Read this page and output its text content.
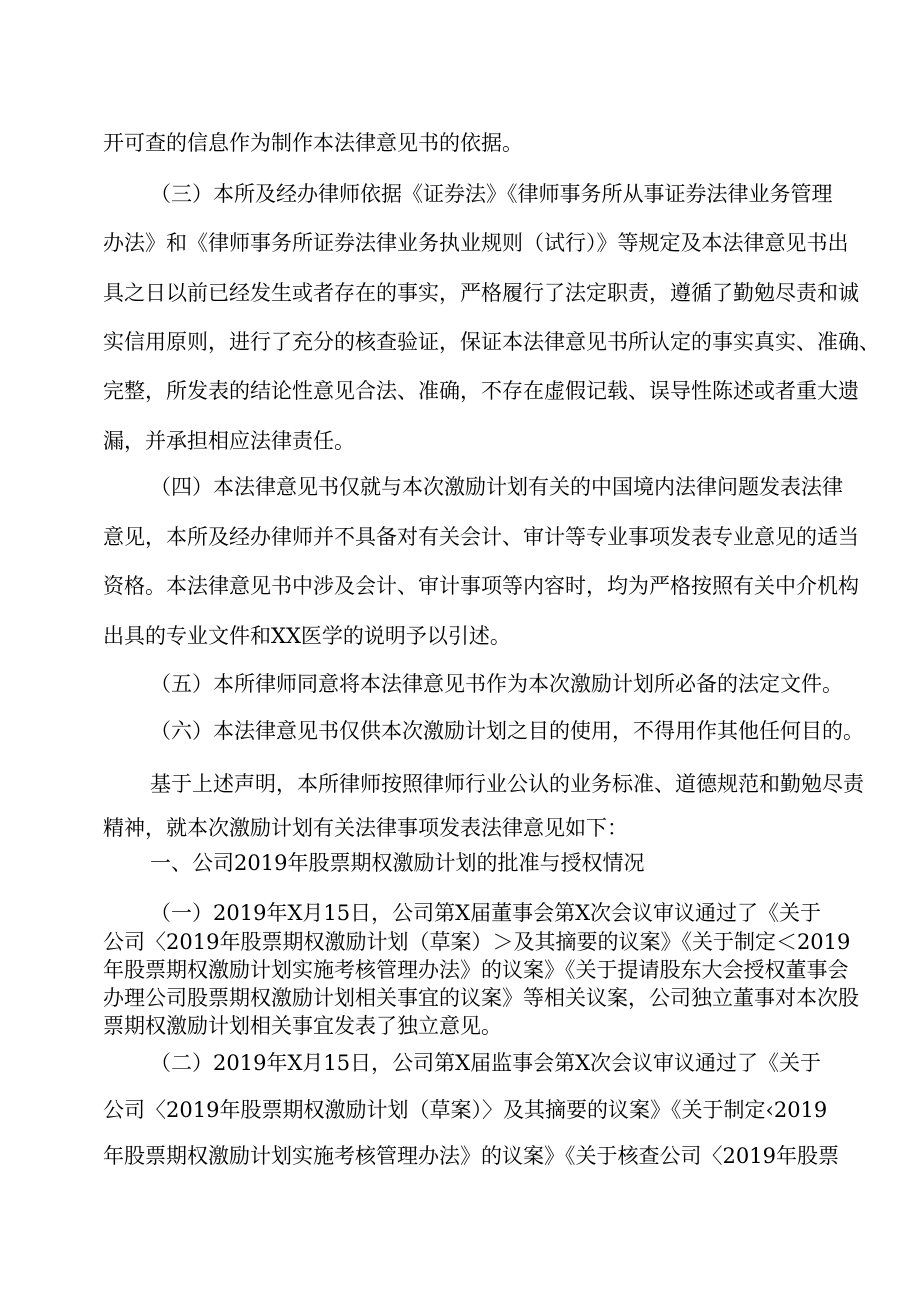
开可查的信息作为制作本法律意见书的依据。
（三）本所及经办律师依据《证券法》《律师事务所从事证券法律业务管理
办法》和《律师事务所证券法律业务执业规则（试行）》等规定及本法律意见书出
具之日以前已经发生或者存在的事实，严格履行了法定职责，遵循了勤勉尽责和诚
实信用原则，进行了充分的核查验证，保证本法律意见书所认定的事实真实、准确、
完整，所发表的结论性意见合法、准确，不存在虚假记载、误导性陈述或者重大遗
漏，并承担相应法律责任。
（四）本法律意见书仅就与本次激励计划有关的中国境内法律问题发表法律
意见，本所及经办律师并不具备对有关会计、审计等专业事项发表专业意见的适当
资格。本法律意见书中涉及会计、审计事项等内容时，均为严格按照有关中介机构
出具的专业文件和XX医学的说明予以引述。
（五）本所律师同意将本法律意见书作为本次激励计划所必备的法定文件。
（六）本法律意见书仅供本次激励计划之目的使用，不得用作其他任何目的。
基于上述声明，本所律师按照律师行业公认的业务标准、道德规范和勤勉尽责
精神，就本次激励计划有关法律事项发表法律意见如下：
一、公司2019年股票期权激励计划的批准与授权情况
（一）2019年X月15日，公司第X届董事会第X次会议审议通过了《关于
公司〈2019年股票期权激励计划（草案）＞及其摘要的议案》《关于制定＜2019
年股票期权激励计划实施考核管理办法》的议案》《关于提请股东大会授权董事会
办理公司股票期权激励计划相关事宜的议案》等相关议案，公司独立董事对本次股
票期权激励计划相关事宜发表了独立意见。
（二）2019年X月15日，公司第X届监事会第X次会议审议通过了《关于
公司〈2019年股票期权激励计划（草案）〉及其摘要的议案》《关于制定‹2019
年股票期权激励计划实施考核管理办法》的议案》《关于核查公司〈2019年股票
